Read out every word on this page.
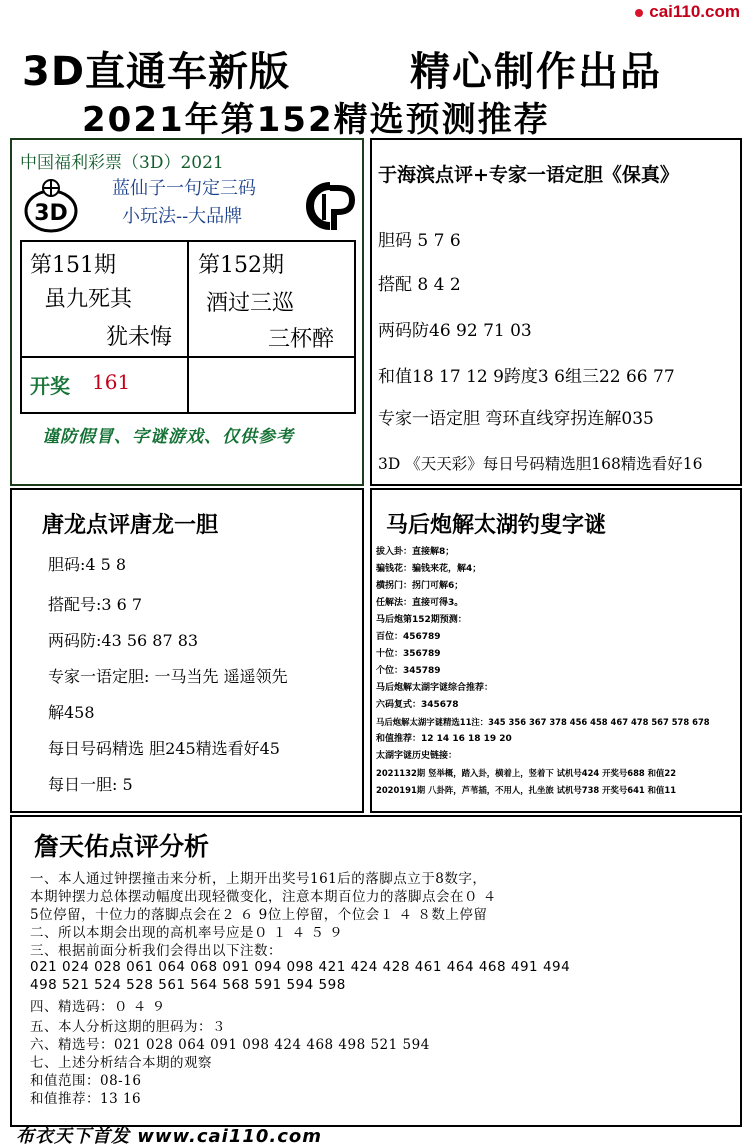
cai110.com
3D直通车新版	精心制作出品
2021年第152精选预测推荐
中国福利彩票（3D）2021
3D
蓝仙子一句定三码
小玩法--大品牌
第151期
虽九死其
犹未悔
第152期
酒过三巡
三杯醉
开奖 161
谨防假冒、字谜游戏、仅供参考
于海滨点评+专家一语定胆《保真》
胆码 5 7 6
搭配 8 4 2
两码防46 92 71 03
和值18 17 12 9跨度3 6组三22 66 77
专家一语定胆 弯环直线穿拐连解035
3D 《天天彩》每日号码精选胆168精选看好16
唐龙点评唐龙一胆
胆码:4 5 8
搭配号:3 6 7
两码防:43 56 87 83
专家一语定胆: 一马当先 遥遥领先
解458
每日号码精选 胆245精选看好45
每日一胆: 5
马后炮解太湖钓叟字谜
拔入卦：直接解8；
骗钱花：骗钱来花，解4；
横拐门：拐门可解6；
任解法：直接可得3。
马后炮第152期预测：
百位：456789
十位：356789
个位：345789
马后炮解太湖字谜综合推荐：
六码复式：345678
马后炮解太湖字谜精选11注：345 356 367 378 456 458 467 478 567 578 678
和值推荐：12 14 16 18 19 20
太湖字谜历史链接：
2021132期 竖举概，踏入卦，横着上，竖着下 试机号424 开奖号688 和值22
2020191期 八卦阵，芦苇插，不用人，扎坐旅 试机号738 开奖号641 和值11
詹天佑点评分析
一、本人通过钟摆撞击来分析，上期开出奖号161后的落脚点立于8数字，
本期钟摆力总体摆动幅度出现轻微变化，注意本期百位力的落脚点会在０ ４
5位停留，十位力的落脚点会在２ ６ 9位上停留，个位会１ ４ ８数上停留
二、所以本期会出现的高机率号应是０ １ ４ ５ ９
三、根据前面分析我们会得出以下注数：
021 024 028 061 064 068 091 094 098 421 424 428 461 464 468 491 494
498 521 524 528 561 564 568 591 594 598
四、精选码：０ ４ ９
五、本人分析这期的胆码为：３
六、精选号：021 028 064 091 098 424 468 498 521 594
七、上述分析结合本期的观察
和值范围：08-16
和值推荐：13 16
布衣天下首发 www.cai110.com
